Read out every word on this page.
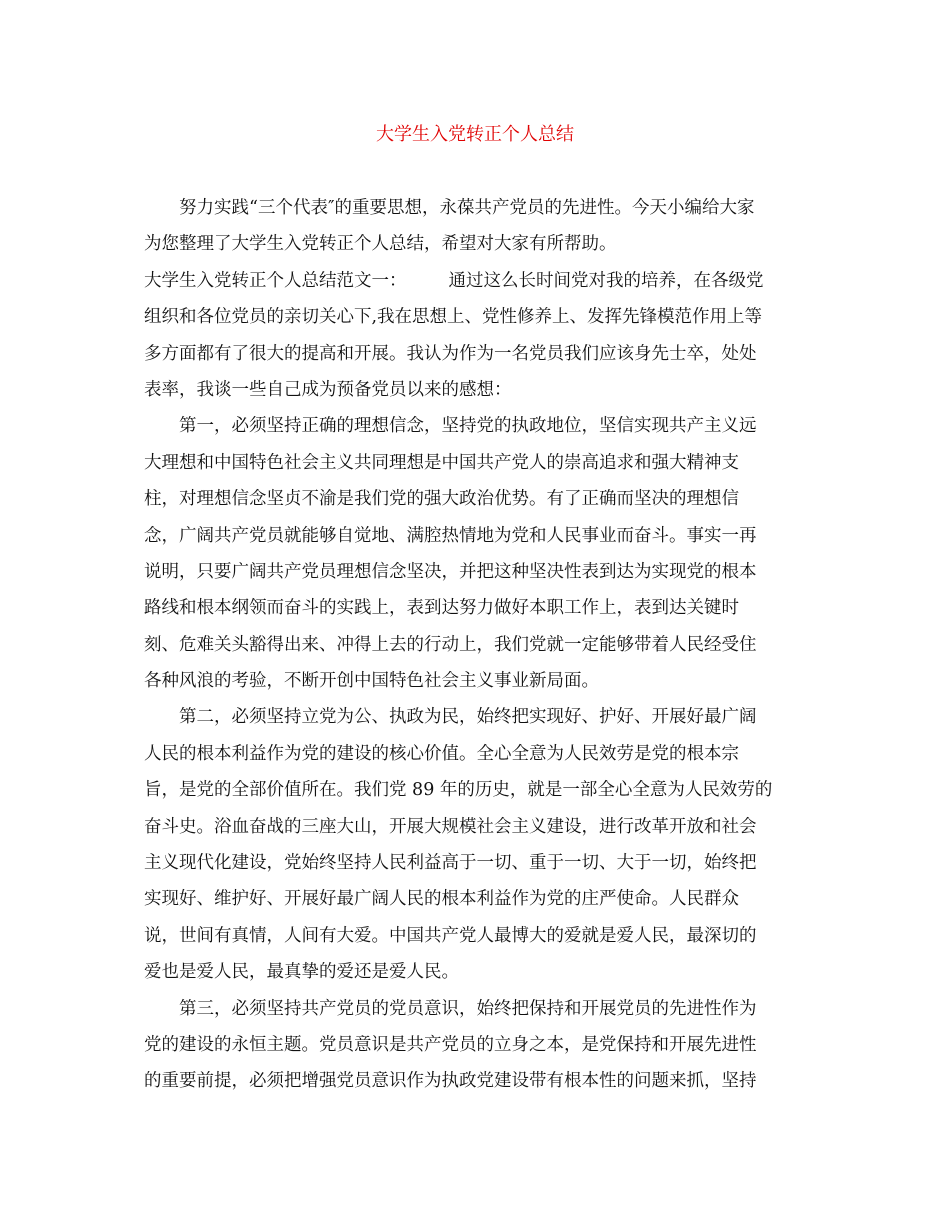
大学生入党转正个人总结
努力实践“三个代表″的重要思想，永葆共产党员的先进性。今天小编给大家
为您整理了大学生入党转正个人总结，希望对大家有所帮助。
大学生入党转正个人总结范文一： 通过这么长时间党对我的培养，在各级党
组织和各位党员的亲切关心下,我在思想上、党性修养上、发挥先锋模范作用上等
多方面都有了很大的提高和开展。我认为作为一名党员我们应该身先士卒，处处
表率，我谈一些自己成为预备党员以来的感想：
第一，必须坚持正确的理想信念，坚持党的执政地位，坚信实现共产主义远
大理想和中国特色社会主义共同理想是中国共产党人的崇高追求和强大精神支
柱，对理想信念坚贞不渝是我们党的强大政治优势。有了正确而坚决的理想信
念，广阔共产党员就能够自觉地、满腔热情地为党和人民事业而奋斗。事实一再
说明，只要广阔共产党员理想信念坚决，并把这种坚决性表到达为实现党的根本
路线和根本纲领而奋斗的实践上，表到达努力做好本职工作上，表到达关键时
刻、危难关头豁得出来、冲得上去的行动上，我们党就一定能够带着人民经受住
各种风浪的考验，不断开创中国特色社会主义事业新局面。
第二，必须坚持立党为公、执政为民，始终把实现好、护好、开展好最广阔
人民的根本利益作为党的建设的核心价值。全心全意为人民效劳是党的根本宗
旨，是党的全部价值所在。我们党 89 年的历史，就是一部全心全意为人民效劳的
奋斗史。浴血奋战的三座大山，开展大规模社会主义建设，进行改革开放和社会
主义现代化建设，党始终坚持人民利益高于一切、重于一切、大于一切，始终把
实现好、维护好、开展好最广阔人民的根本利益作为党的庄严使命。人民群众
说，世间有真情，人间有大爱。中国共产党人最博大的爱就是爱人民，最深切的
爱也是爱人民，最真挚的爱还是爱人民。
第三，必须坚持共产党员的党员意识，始终把保持和开展党员的先进性作为
党的建设的永恒主题。党员意识是共产党员的立身之本，是党保持和开展先进性
的重要前提，必须把增强党员意识作为执政党建设带有根本性的问题来抓，坚持
